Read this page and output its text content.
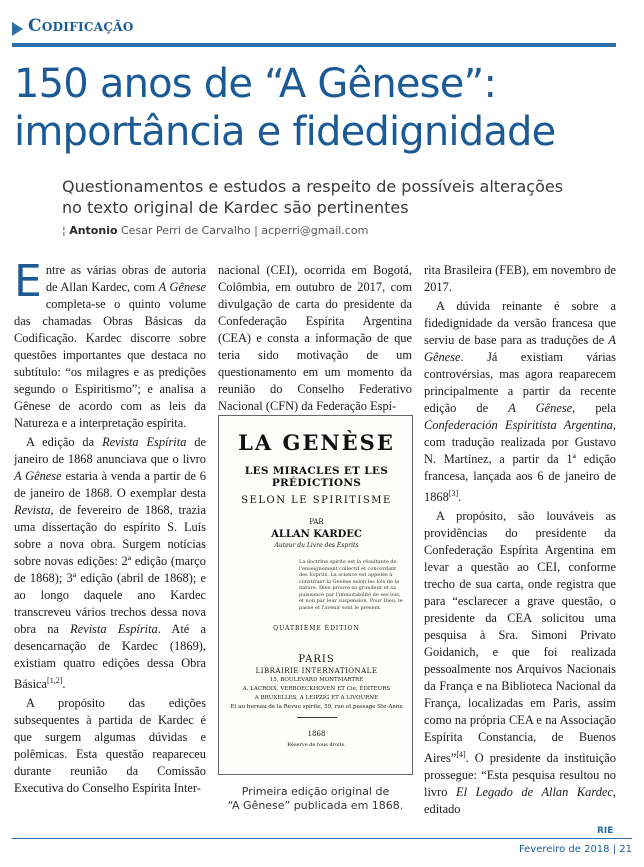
Codificação
150 anos de “A Gênese”:
importância e fidedignidade
Questionamentos e estudos a respeito de possíveis alterações
no texto original de Kardec são pertinentes
¦ Antonio Cesar Perri de Carvalho | acperri@gmail.com

Entre as várias obras de autoria de Allan Kardec, com A Gênese completa-se o quinto volume das chamadas Obras Básicas da Codificação. Kardec discorre sobre questões importantes que destaca no subtítulo: “os milagres e as predições segundo o Espiritismo”; e analisa a Gênese de acordo com as leis da Natureza e a interpretação espírita.

A edição da Revista Espírita de janeiro de 1868 anunciava que o livro A Gênese estaria à venda a partir de 6 de janeiro de 1868. O exemplar desta Revista, de fevereiro de 1868, trazia uma dissertação do espírito S. Luís sobre a nova obra. Surgem notícias sobre novas edições: 2ª edição (março de 1868); 3ª edição (abril de 1868); e ao longo daquele ano Kardec transcreveu vários trechos dessa nova obra na Revista Espírita. Até a desencarnação de Kardec (1869), existiam quatro edições dessa Obra Básica[1,2].

A propósito das edições subsequentes à partida de Kardec é que surgem algumas dúvidas e polêmicas. Esta questão reapareceu durante reunião da Comissão Executiva do Conselho Espírita Inter-

nacional (CEI), ocorrida em Bogotá, Colômbia, em outubro de 2017, com divulgação de carta do presidente da Confederação Espírita Argentina (CEA) e consta a informação de que teria sido motivação de um questionamento em um momento da reunião do Conselho Federativo Nacional (CFN) da Federação Espí-

LA GENÈSE
LES MIRACLES ET LES PRÉDICTIONS
SELON LE SPIRITISME
PAR
ALLAN KARDEC
Auteur du Livre des Esprits
La doctrine spirite est la résultante de l'enseignement collectif et concordant des Esprits. La science est appelée à constituer la Genèse selon les lois de la nature. Dieu prouve sa grandeur et sa puissance par l'immutabilité de ses lois, et non par leur suspension. Pour Dieu, le passé et l'avenir sont le présent.
QUATRIÈME ÉDITION
PARIS
LIBRAIRIE INTERNATIONALE
15, BOULEVARD MONTMARTRE
A. LACROIX, VERBOECKHOVEN ET Cie, ÉDITEURS
A BRUXELLES, A LEIPZIG ET A LIVOURNE
Et au bureau de la Revue spirite, 59, rue et passage Ste-Anne
1868
Réserve de tous droits.
Primeira edição original de
“A Gênese” publicada em 1868.

rita Brasileira (FEB), em novembro de 2017.

A dúvida reinante é sobre a fidedignidade da versão francesa que serviu de base para as traduções de A Gênese. Já existiam várias controvérsias, mas agora reaparecem principalmente a partir da recente edição de A Gênese, pela Confederación Espiritista Argentina, com tradução realizada por Gustavo N. Martínez, a partir da 1ª edição francesa, lançada aos 6 de janeiro de 1868[3].

A propósito, são louváveis as providências do presidente da Confederação Espírita Argentina em levar a questão ao CEI, conforme trecho de sua carta, onde registra que para “esclarecer a grave questão, o presidente da CEA solicitou uma pesquisa à Sra. Simoni Privato Goidanich, e que foi realizada pessoalmente nos Arquivos Nacionais da França e na Biblioteca Nacional da França, localizadas em Paris, assim como na própria CEA e na Associação Espírita Constancia, de Buenos Aires”[4]. O presidente da instituição prossegue: “Esta pesquisa resultou no livro El Legado de Allan Kardec, editado

RIE
Fevereiro de 2018 | 21
